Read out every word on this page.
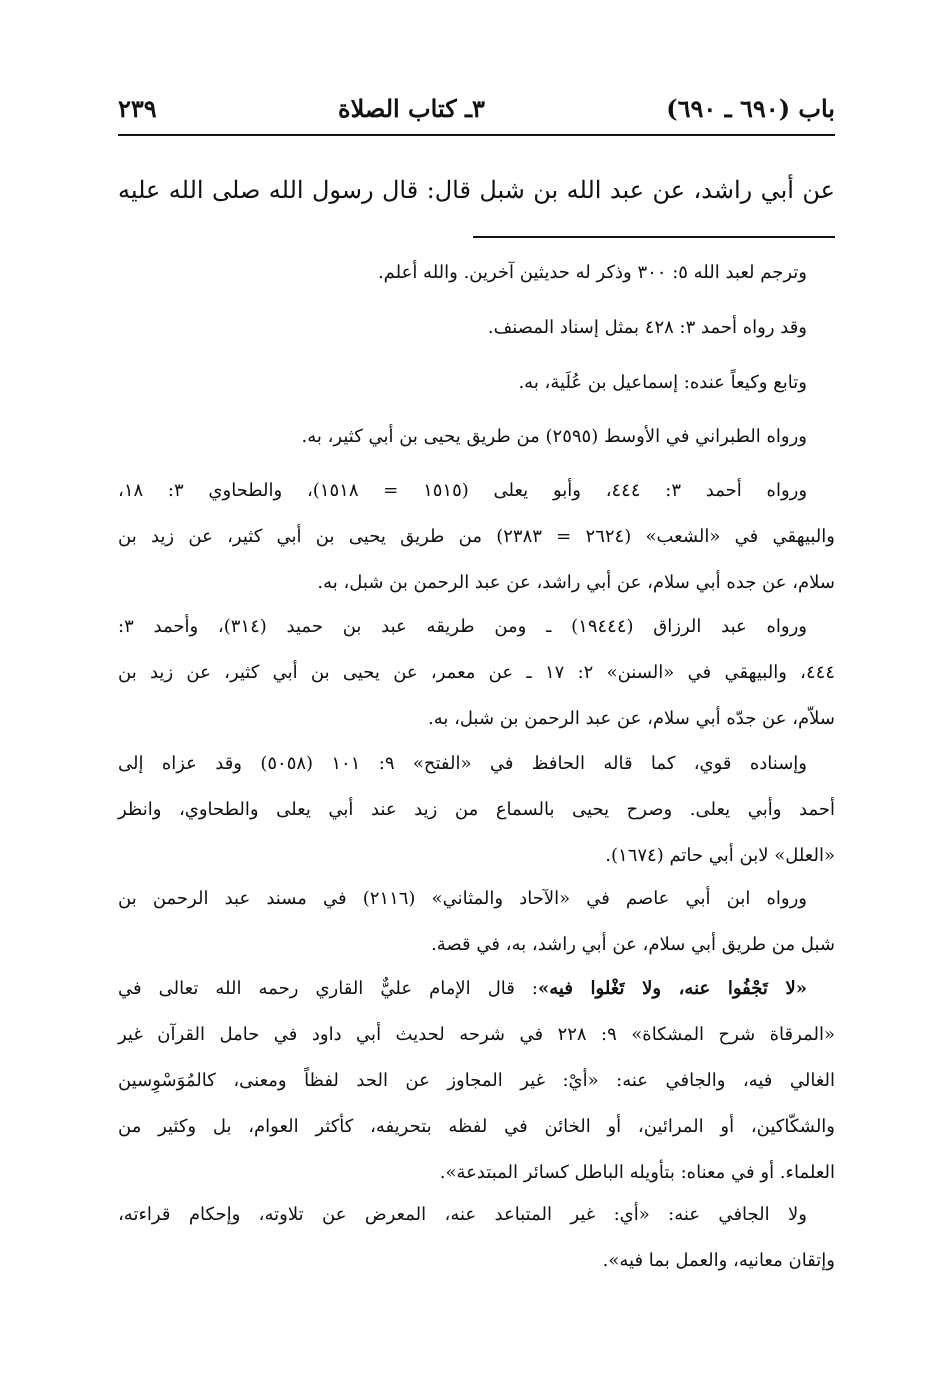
٢٣٩	٣ـ كتاب الصلاة	باب (٦٩٠ ـ ٦٩٠)
عن أبي راشد، عن عبد الله بن شبل قال: قال رسول الله صلى الله عليه
وترجم لعبد الله ٥: ٣٠٠ وذكر له حديثين آخرين. والله أعلم.
وقد رواه أحمد ٣: ٤٢٨ بمثل إسناد المصنف.
وتابع وكيعاً عنده: إسماعيل بن عُلَية، به.
ورواه الطبراني في الأوسط (٢٥٩٥) من طريق يحيى بن أبي كثير، به.
ورواه أحمد ٣: ٤٤٤، وأبو يعلى (١٥١٥ = ١٥١٨)، والطحاوي ٣: ١٨،
والبيهقي في «الشعب» (٢٦٢٤ = ٢٣٨٣) من طريق يحيى بن أبي كثير، عن زيد بن
سلام، عن جده أبي سلام، عن أبي راشد، عن عبد الرحمن بن شبل، به.
ورواه عبد الرزاق (١٩٤٤٤) ـ ومن طريقه عبد بن حميد (٣١٤)، وأحمد ٣:
٤٤٤، والبيهقي في «السنن» ٢: ١٧ ـ عن معمر، عن يحيى بن أبي كثير، عن زيد بن
سلاّم، عن جدّه أبي سلام، عن عبد الرحمن بن شبل، به.
وإسناده قوي، كما قاله الحافظ في «الفتح» ٩: ١٠١ (٥٠٥٨) وقد عزاه إلى
أحمد وأبي يعلى. وصرح يحيى بالسماع من زيد عند أبي يعلى والطحاوي، وانظر
«العلل» لابن أبي حاتم (١٦٧٤).
ورواه ابن أبي عاصم في «الآحاد والمثاني» (٢١١٦) في مسند عبد الرحمن بن
شبل من طريق أبي سلام، عن أبي راشد، به، في قصة.
«لا تَجْفُوا عنه، ولا تَغْلوا فيه»: قال الإمام عليٌّ القاري رحمه الله تعالى في
«المرقاة شرح المشكاة» ٩: ٢٢٨ في شرحه لحديث أبي داود في حامل القرآن غير
الغالي فيه، والجافي عنه: «أيْ: غير المجاوز عن الحد لفظاً ومعنى، كالمُوَسْوِسين
والشكّاكين، أو المرائين، أو الخائن في لفظه بتحريفه، كأكثر العوام، بل وكثير من
العلماء. أو في معناه: بتأويله الباطل كسائر المبتدعة».
ولا الجافي عنه: «أي: غير المتباعد عنه، المعرض عن تلاوته، وإحكام قراءته،
وإتقان معانيه، والعمل بما فيه».
